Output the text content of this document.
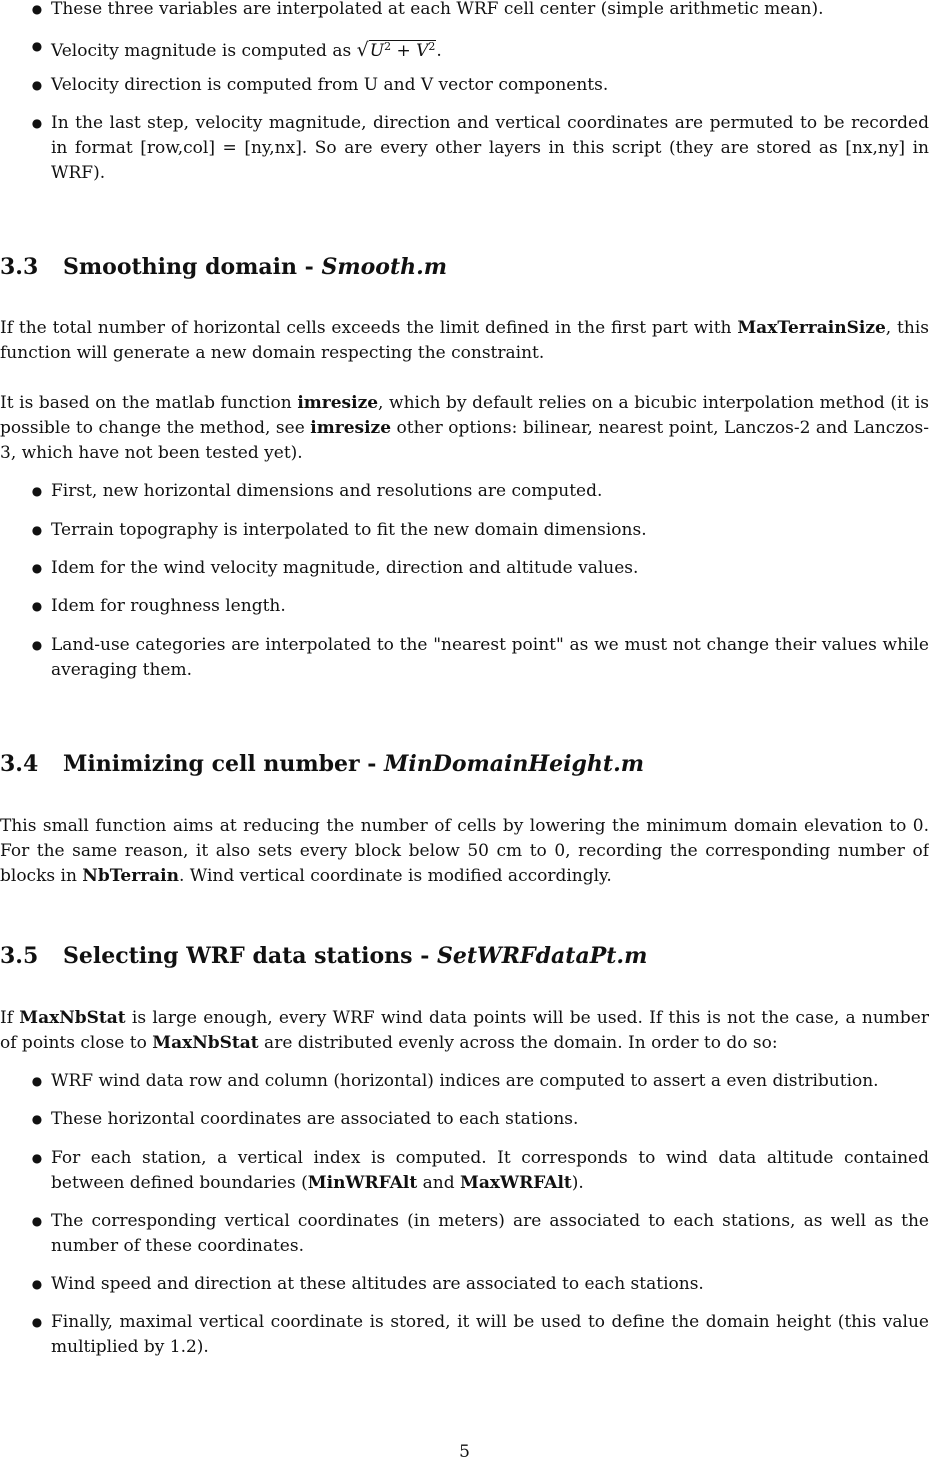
● These three variables are interpolated at each WRF cell center (simple arithmetic mean).
● Velocity magnitude is computed as $√U^2 + V^2$.
● Velocity direction is computed from U and V vector components.
● In the last step, velocity magnitude, direction and vertical coordinates are permuted to be recorded in format [row,col] = [ny,nx]. So are every other layers in this script (they are stored as [nx,ny] in WRF).
3.3 Smoothing domain - Smooth.m
If the total number of horizontal cells exceeds the limit defined in the first part with MaxTerrainSize, this function will generate a new domain respecting the constraint.
It is based on the matlab function imresize, which by default relies on a bicubic interpolation method (it is possible to change the method, see imresize other options: bilinear, nearest point, Lanczos-2 and Lanczos-3, which have not been tested yet).
● First, new horizontal dimensions and resolutions are computed.
● Terrain topography is interpolated to fit the new domain dimensions.
● Idem for the wind velocity magnitude, direction and altitude values.
● Idem for roughness length.
● Land-use categories are interpolated to the "nearest point" as we must not change their values while averaging them.
3.4 Minimizing cell number - MinDomainHeight.m
This small function aims at reducing the number of cells by lowering the minimum domain elevation to 0. For the same reason, it also sets every block below 50 cm to 0, recording the corresponding number of blocks in NbTerrain. Wind vertical coordinate is modified accordingly.
3.5 Selecting WRF data stations - SetWRFdataPt.m
If MaxNbStat is large enough, every WRF wind data points will be used. If this is not the case, a number of points close to MaxNbStat are distributed evenly across the domain. In order to do so:
● WRF wind data row and column (horizontal) indices are computed to assert a even distribution.
● These horizontal coordinates are associated to each stations.
● For each station, a vertical index is computed. It corresponds to wind data altitude contained between defined boundaries (MinWRFAlt and MaxWRFAlt).
● The corresponding vertical coordinates (in meters) are associated to each stations, as well as the number of these coordinates.
● Wind speed and direction at these altitudes are associated to each stations.
● Finally, maximal vertical coordinate is stored, it will be used to define the domain height (this value multiplied by 1.2).
5
